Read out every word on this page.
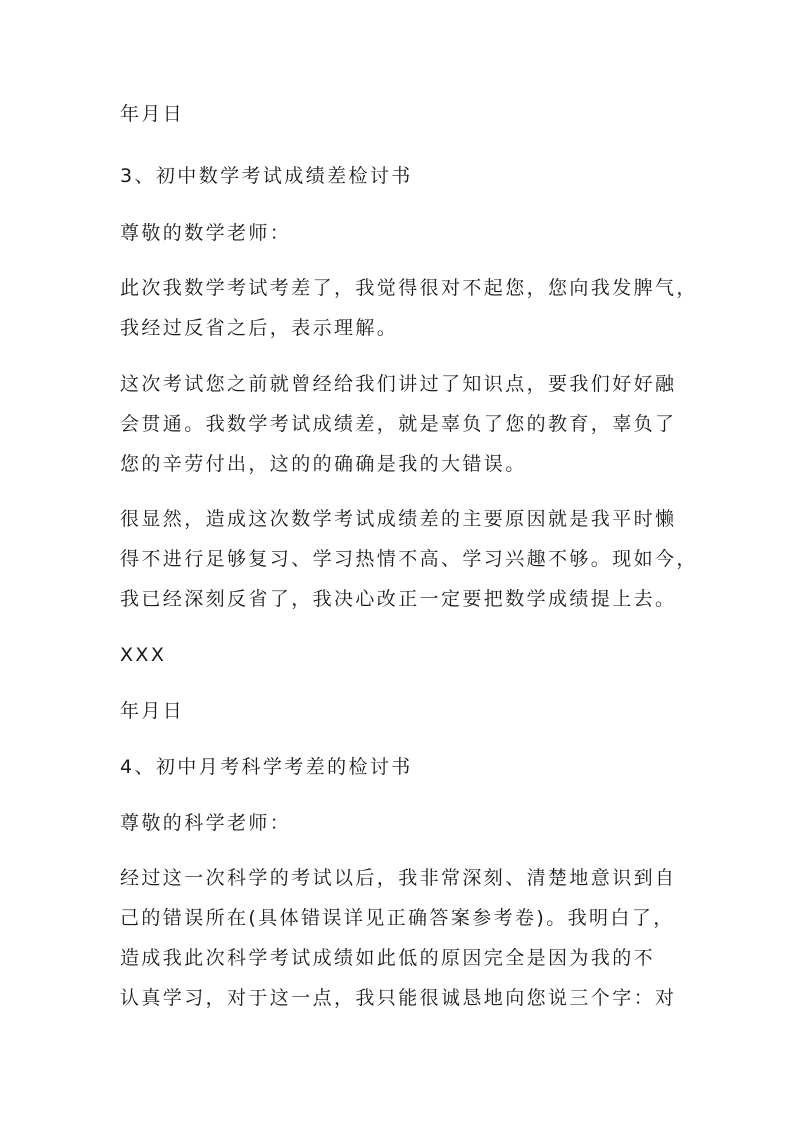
年月日

3、初中数学考试成绩差检讨书

尊敬的数学老师：

此次我数学考试考差了，我觉得很对不起您，您向我发脾气，
我经过反省之后，表示理解。

这次考试您之前就曾经给我们讲过了知识点，要我们好好融
会贯通。我数学考试成绩差，就是辜负了您的教育，辜负了
您的辛劳付出，这的的确确是我的大错误。

很显然，造成这次数学考试成绩差的主要原因就是我平时懒
得不进行足够复习、学习热情不高、学习兴趣不够。现如今，
我已经深刻反省了，我决心改正一定要把数学成绩提上去。

XXX

年月日

4、初中月考科学考差的检讨书

尊敬的科学老师：

经过这一次科学的考试以后，我非常深刻、清楚地意识到自
己的错误所在(具体错误详见正确答案参考卷)。我明白了，
造成我此次科学考试成绩如此低的原因完全是因为我的不
认真学习，对于这一点，我只能很诚恳地向您说三个字：对
